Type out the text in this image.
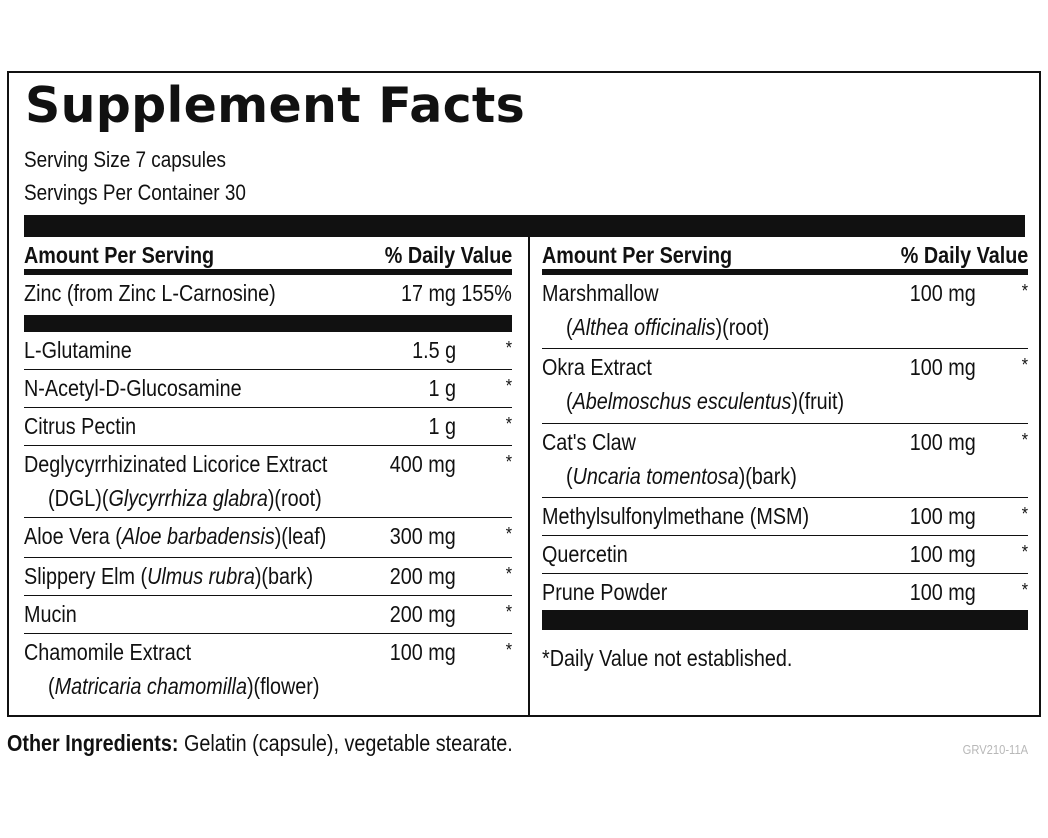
Supplement Facts
Serving Size 7 capsules
Servings Per Container 30
Amount Per Serving	% Daily Value
Zinc (from Zinc L-Carnosine)	17 mg 155%
L-Glutamine	1.5 g	*
N-Acetyl-D-Glucosamine	1 g	*
Citrus Pectin	1 g	*
Deglycyrrhizinated Licorice Extract
(DGL)(Glycyrrhiza glabra)(root)
400 mg	*
Aloe Vera (Aloe barbadensis)(leaf)	300 mg	*
Slippery Elm (Ulmus rubra)(bark)	200 mg	*
Mucin	200 mg	*
Chamomile Extract
(Matricaria chamomilla)(flower)
100 mg	*
Amount Per Serving	% Daily Value
Marshmallow
(Althea officinalis)(root)
100 mg	*
Okra Extract
(Abelmoschus esculentus)(fruit)
100 mg	*
Cat's Claw
(Uncaria tomentosa)(bark)
100 mg	*
Methylsulfonylmethane (MSM)	100 mg	*
Quercetin	100 mg	*
Prune Powder	100 mg	*
*Daily Value not established.
Other Ingredients: Gelatin (capsule), vegetable stearate.	GRV210-11A
